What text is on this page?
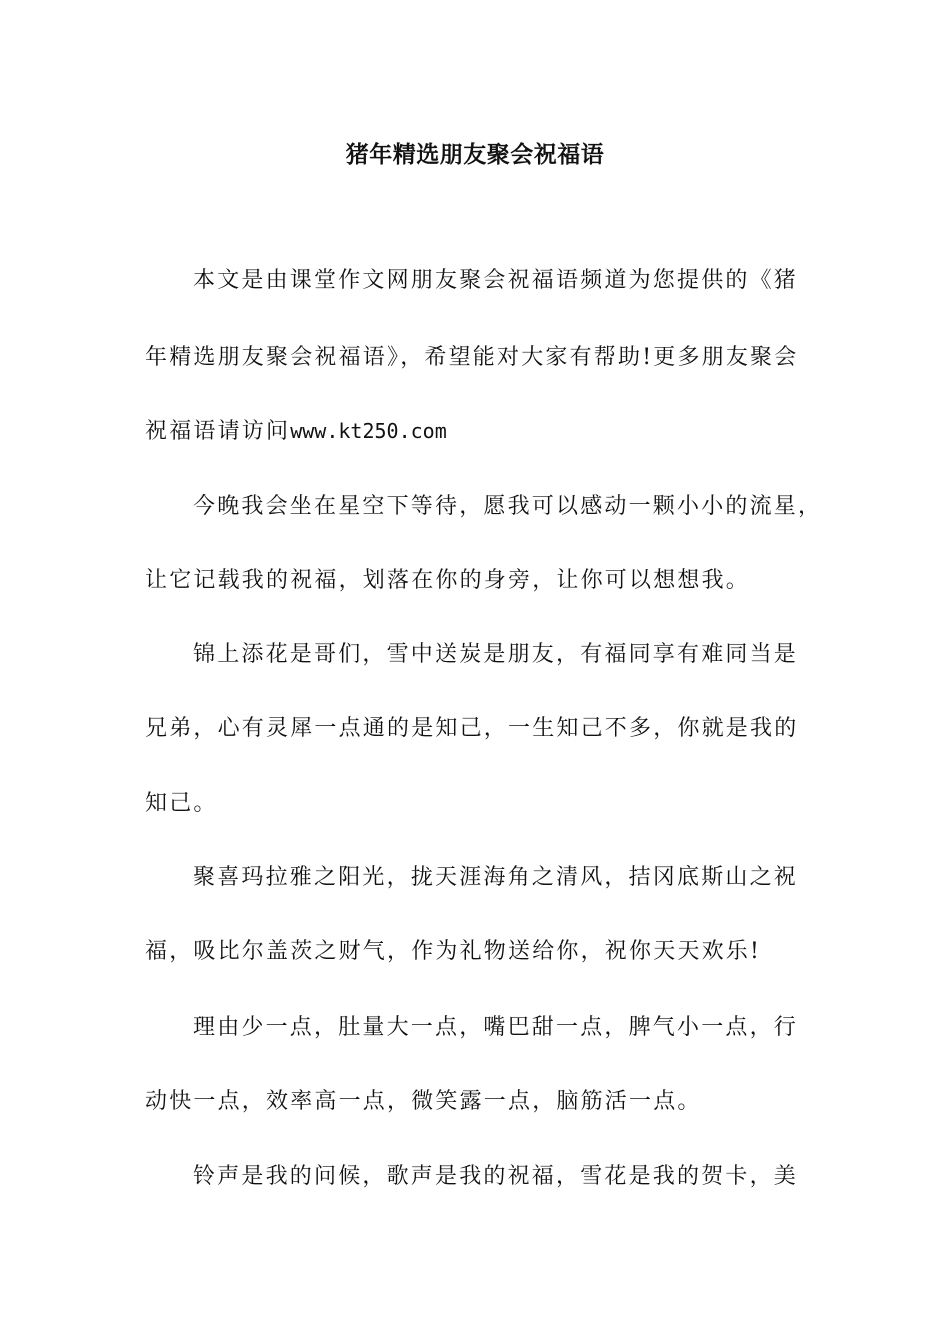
猪年精选朋友聚会祝福语
本文是由课堂作文网朋友聚会祝福语频道为您提供的《猪
年精选朋友聚会祝福语》，希望能对大家有帮助!更多朋友聚会
祝福语请访问www.kt250.com
今晚我会坐在星空下等待，愿我可以感动一颗小小的流星，
让它记载我的祝福，划落在你的身旁，让你可以想想我。
锦上添花是哥们，雪中送炭是朋友，有福同享有难同当是
兄弟，心有灵犀一点通的是知己，一生知己不多，你就是我的
知己。
聚喜玛拉雅之阳光，拢天涯海角之清风，拮冈底斯山之祝
福，吸比尔盖茨之财气，作为礼物送给你，祝你天天欢乐!
理由少一点，肚量大一点，嘴巴甜一点，脾气小一点，行
动快一点，效率高一点，微笑露一点，脑筋活一点。
铃声是我的问候，歌声是我的祝福，雪花是我的贺卡，美
